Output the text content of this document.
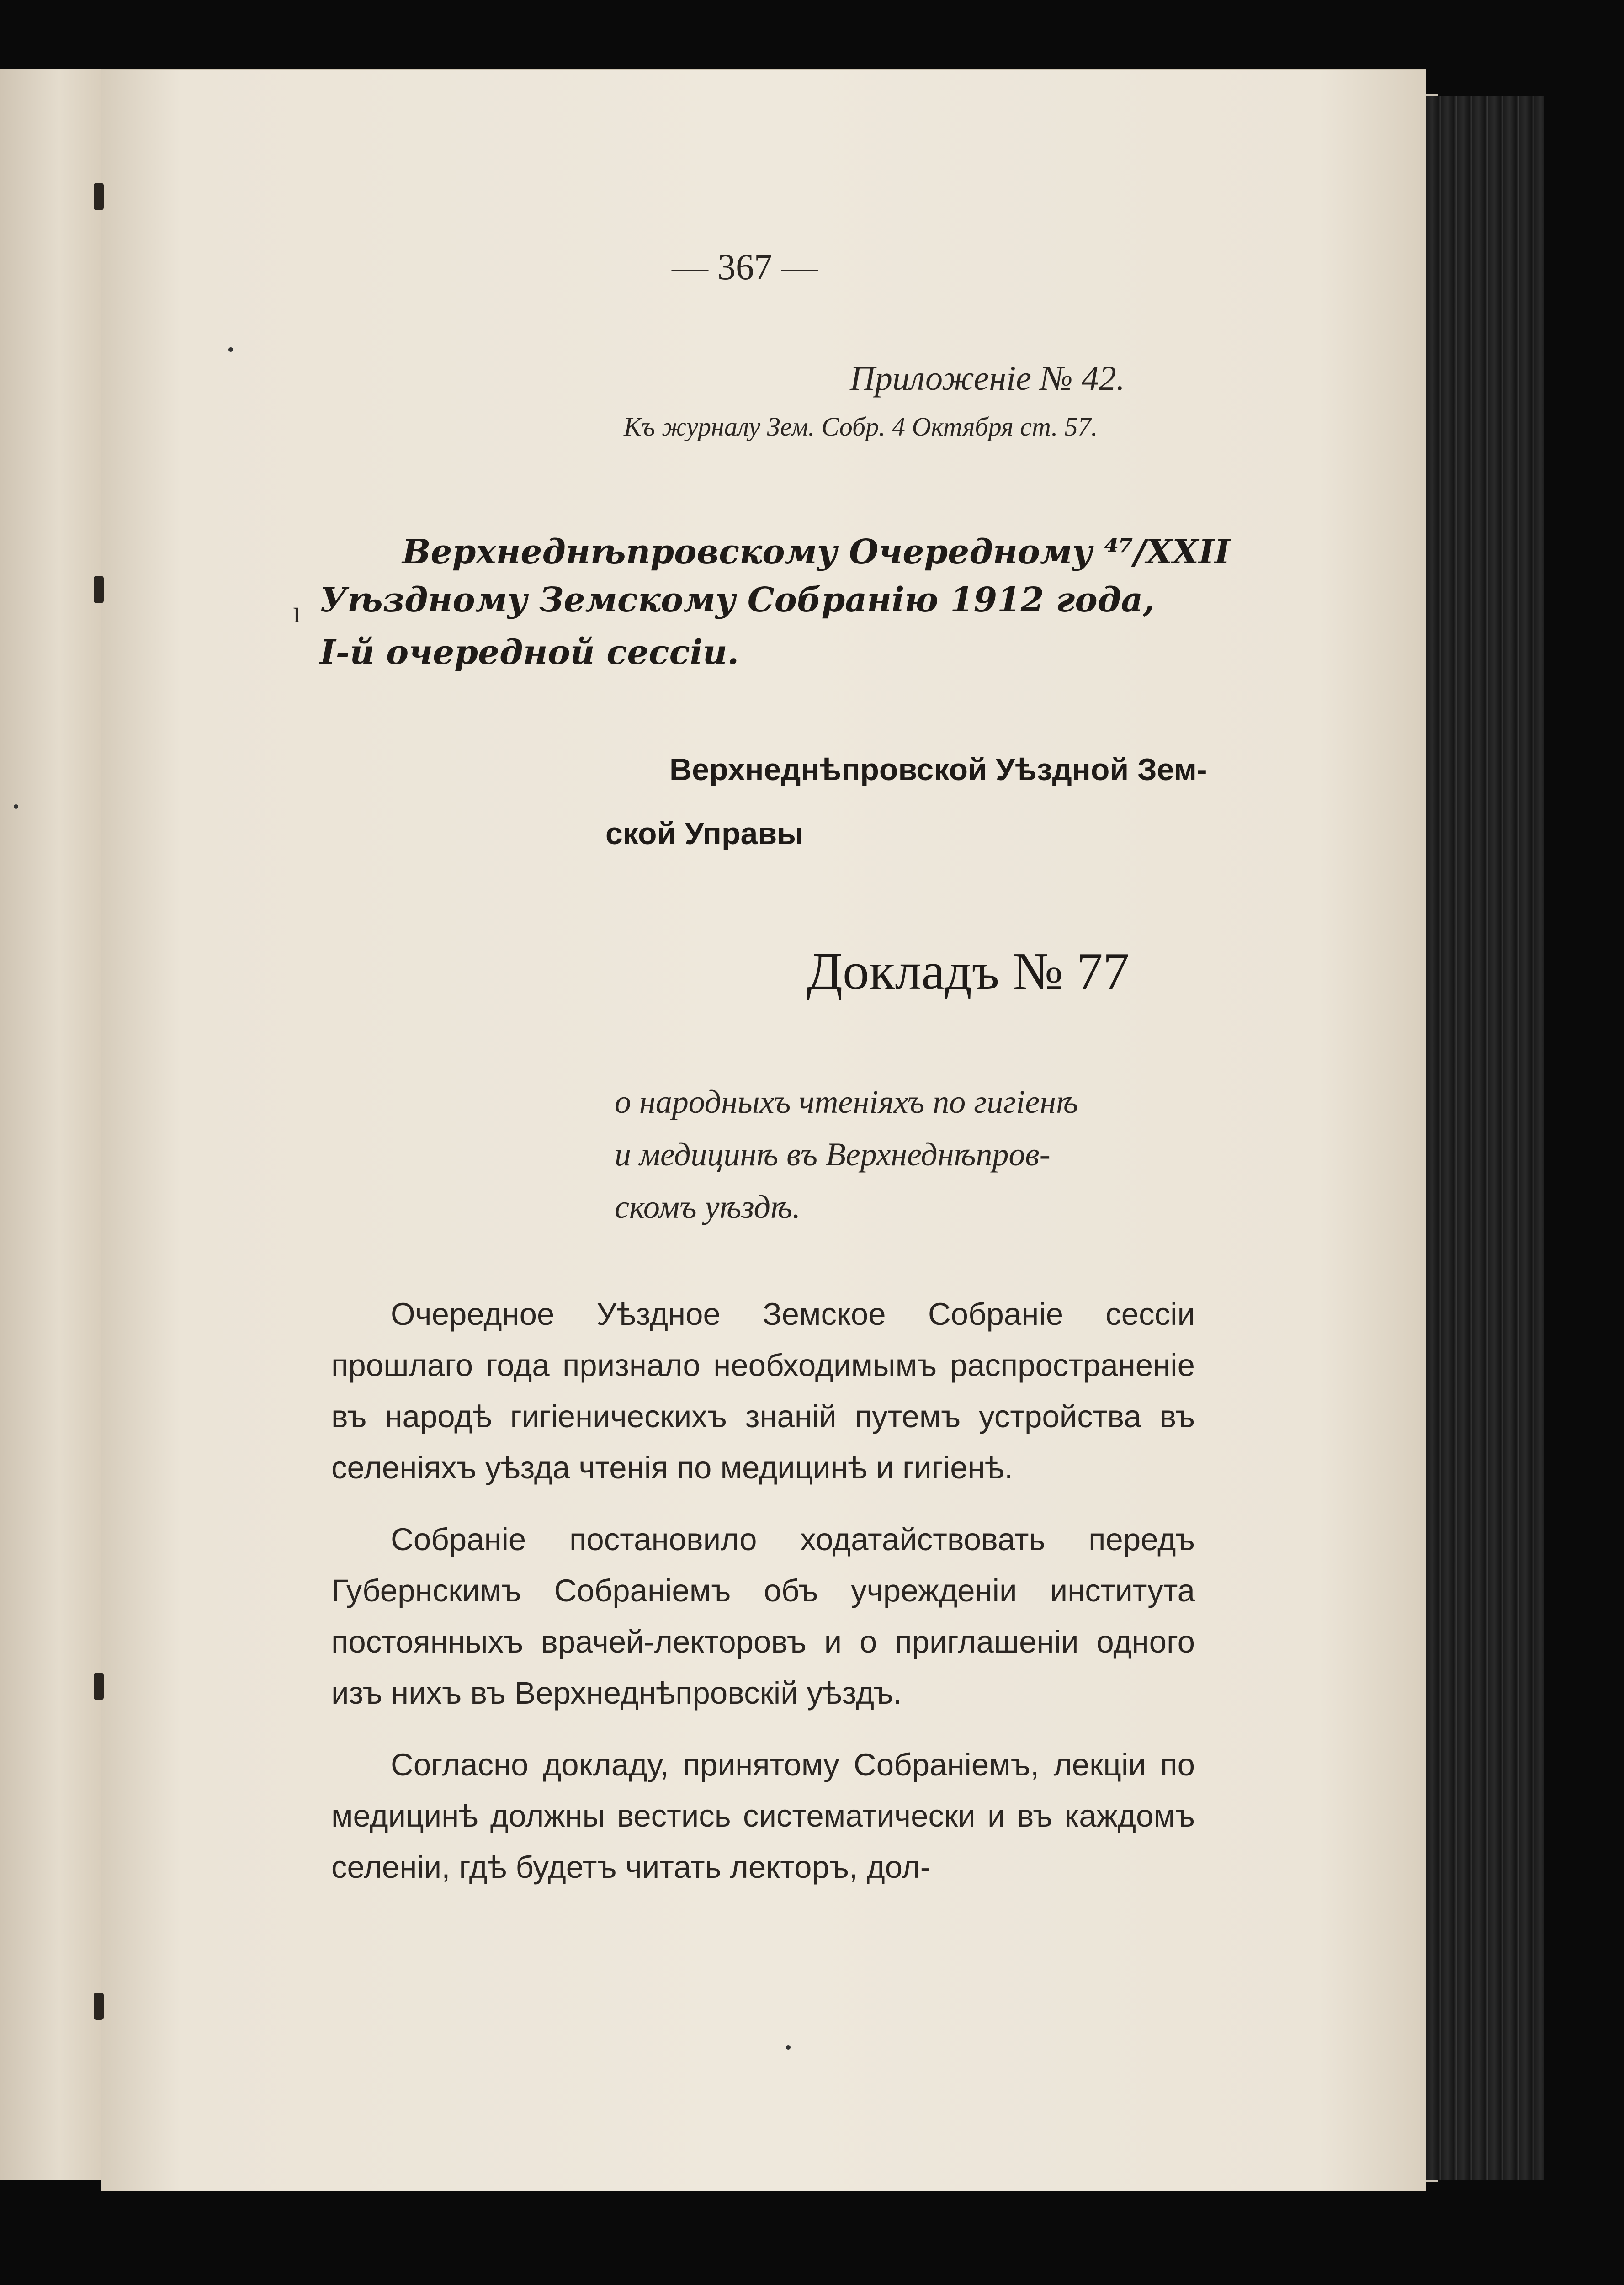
— 367 —
Приложенiе № 42.
Къ журналу Зем. Собр. 4 Октября ст. 57.
ı
Верхнеднѣпровскому Очередному ⁴⁷/XXII
Уѣздному Земскому Собранiю 1912 года,
I-й очередной сессiи.
Верхнеднѣпровской Уѣздной Зем-
ской Управы
Докладъ № 77
о народныхъ чтенiяхъ по гигiенѣ
и медицинѣ въ Верхнеднѣпров-
скомъ уѣздѣ.

Очередное Уѣздное Земское Собранiе сессiи прошлаго года признало необходимымъ распространенiе въ народѣ гигiеническихъ знанiй путемъ устройства въ селенiяхъ уѣзда чтенiя по медицинѣ и гигiенѣ.

Собранiе постановило ходатайствовать передъ Губернскимъ Собранiемъ объ учрежденiи института постоянныхъ врачей-лекторовъ и о приглашенiи одного изъ нихъ въ Верхнеднѣпровскiй уѣздъ.

Согласно докладу, принятому Собранiемъ, лекцiи по медицинѣ должны вестись систематически и въ каждомъ селенiи, гдѣ будетъ читать лекторъ, дол-
